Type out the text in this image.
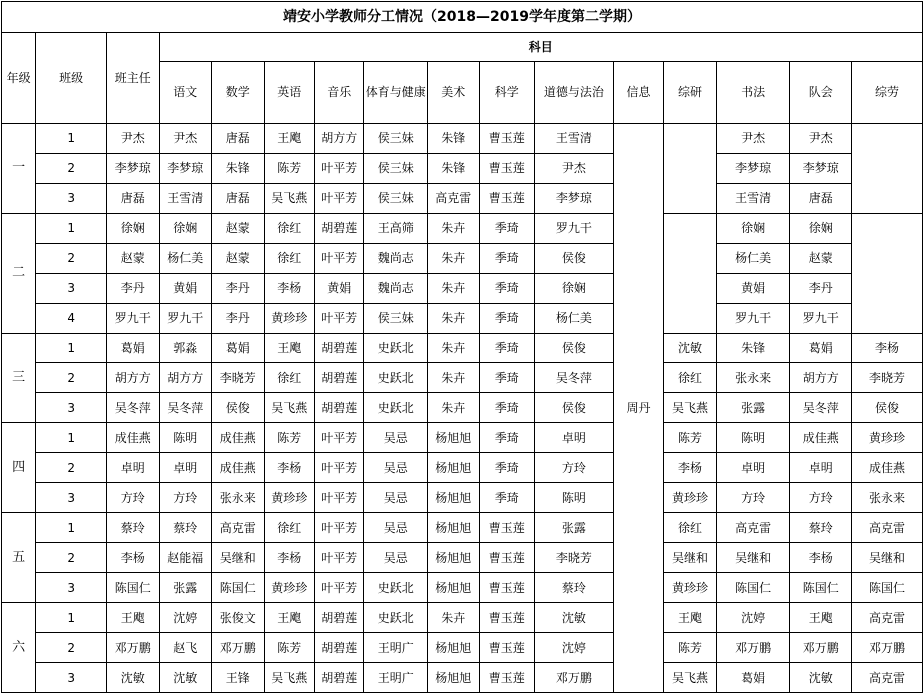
靖安小学教师分工情况（2018—2019学年度第二学期）															
年级	班级	班主任	科目												
			语文	数学	英语	音乐	体育与健康	美术	科学	道德与法治	信息	综研	书法	队会	综劳
一	1	尹杰	尹杰	唐磊	王飑	胡方方	侯三妹	朱锋	曹玉莲	王雪清	周丹		尹杰	尹杰	
	2	李梦琼	李梦琼	朱锋	陈芳	叶平芳	侯三妹	朱锋	曹玉莲	尹杰			李梦琼	李梦琼	
	3	唐磊	王雪清	唐磊	吴飞燕	叶平芳	侯三妹	高克雷	曹玉莲	李梦琼			王雪清	唐磊	
二	1	徐娴	徐娴	赵蒙	徐红	胡碧莲	王高筛	朱卉	季琦	罗九干			徐娴	徐娴	
	2	赵蒙	杨仁美	赵蒙	徐红	叶平芳	魏尚志	朱卉	季琦	侯俊			杨仁美	赵蒙	
	3	李丹	黄娟	李丹	李杨	黄娟	魏尚志	朱卉	季琦	徐娴			黄娟	李丹	
	4	罗九干	罗九干	李丹	黄珍珍	叶平芳	侯三妹	朱卉	季琦	杨仁美			罗九干	罗九干	
三	1	葛娟	郭淼	葛娟	王飑	胡碧莲	史跃北	朱卉	季琦	侯俊		沈敏	朱锋	葛娟	李杨
	2	胡方方	胡方方	李晓芳	徐红	胡碧莲	史跃北	朱卉	季琦	吴冬萍		徐红	张永来	胡方方	李晓芳
	3	吴冬萍	吴冬萍	侯俊	吴飞燕	胡碧莲	史跃北	朱卉	季琦	侯俊		吴飞燕	张露	吴冬萍	侯俊
四	1	成佳燕	陈明	成佳燕	陈芳	叶平芳	吴忌	杨旭旭	季琦	卓明		陈芳	陈明	成佳燕	黄珍珍
	2	卓明	卓明	成佳燕	李杨	叶平芳	吴忌	杨旭旭	季琦	方玲		李杨	卓明	卓明	成佳燕
	3	方玲	方玲	张永来	黄珍珍	叶平芳	吴忌	杨旭旭	季琦	陈明		黄珍珍	方玲	方玲	张永来
五	1	蔡玲	蔡玲	高克雷	徐红	叶平芳	吴忌	杨旭旭	曹玉莲	张露		徐红	高克雷	蔡玲	高克雷
	2	李杨	赵能福	吴继和	李杨	叶平芳	吴忌	杨旭旭	曹玉莲	李晓芳		吴继和	吴继和	李杨	吴继和
	3	陈国仁	张露	陈国仁	黄珍珍	叶平芳	史跃北	杨旭旭	曹玉莲	蔡玲		黄珍珍	陈国仁	陈国仁	陈国仁
六	1	王飑	沈婷	张俊文	王飑	胡碧莲	史跃北	朱卉	曹玉莲	沈敏		王飑	沈婷	王飑	高克雷
	2	邓万鹏	赵飞	邓万鹏	陈芳	胡碧莲	王明广	杨旭旭	曹玉莲	沈婷		陈芳	邓万鹏	邓万鹏	邓万鹏
	3	沈敏	沈敏	王锋	吴飞燕	胡碧莲	王明广	杨旭旭	曹玉莲	邓万鹏		吴飞燕	葛娟	沈敏	高克雷
